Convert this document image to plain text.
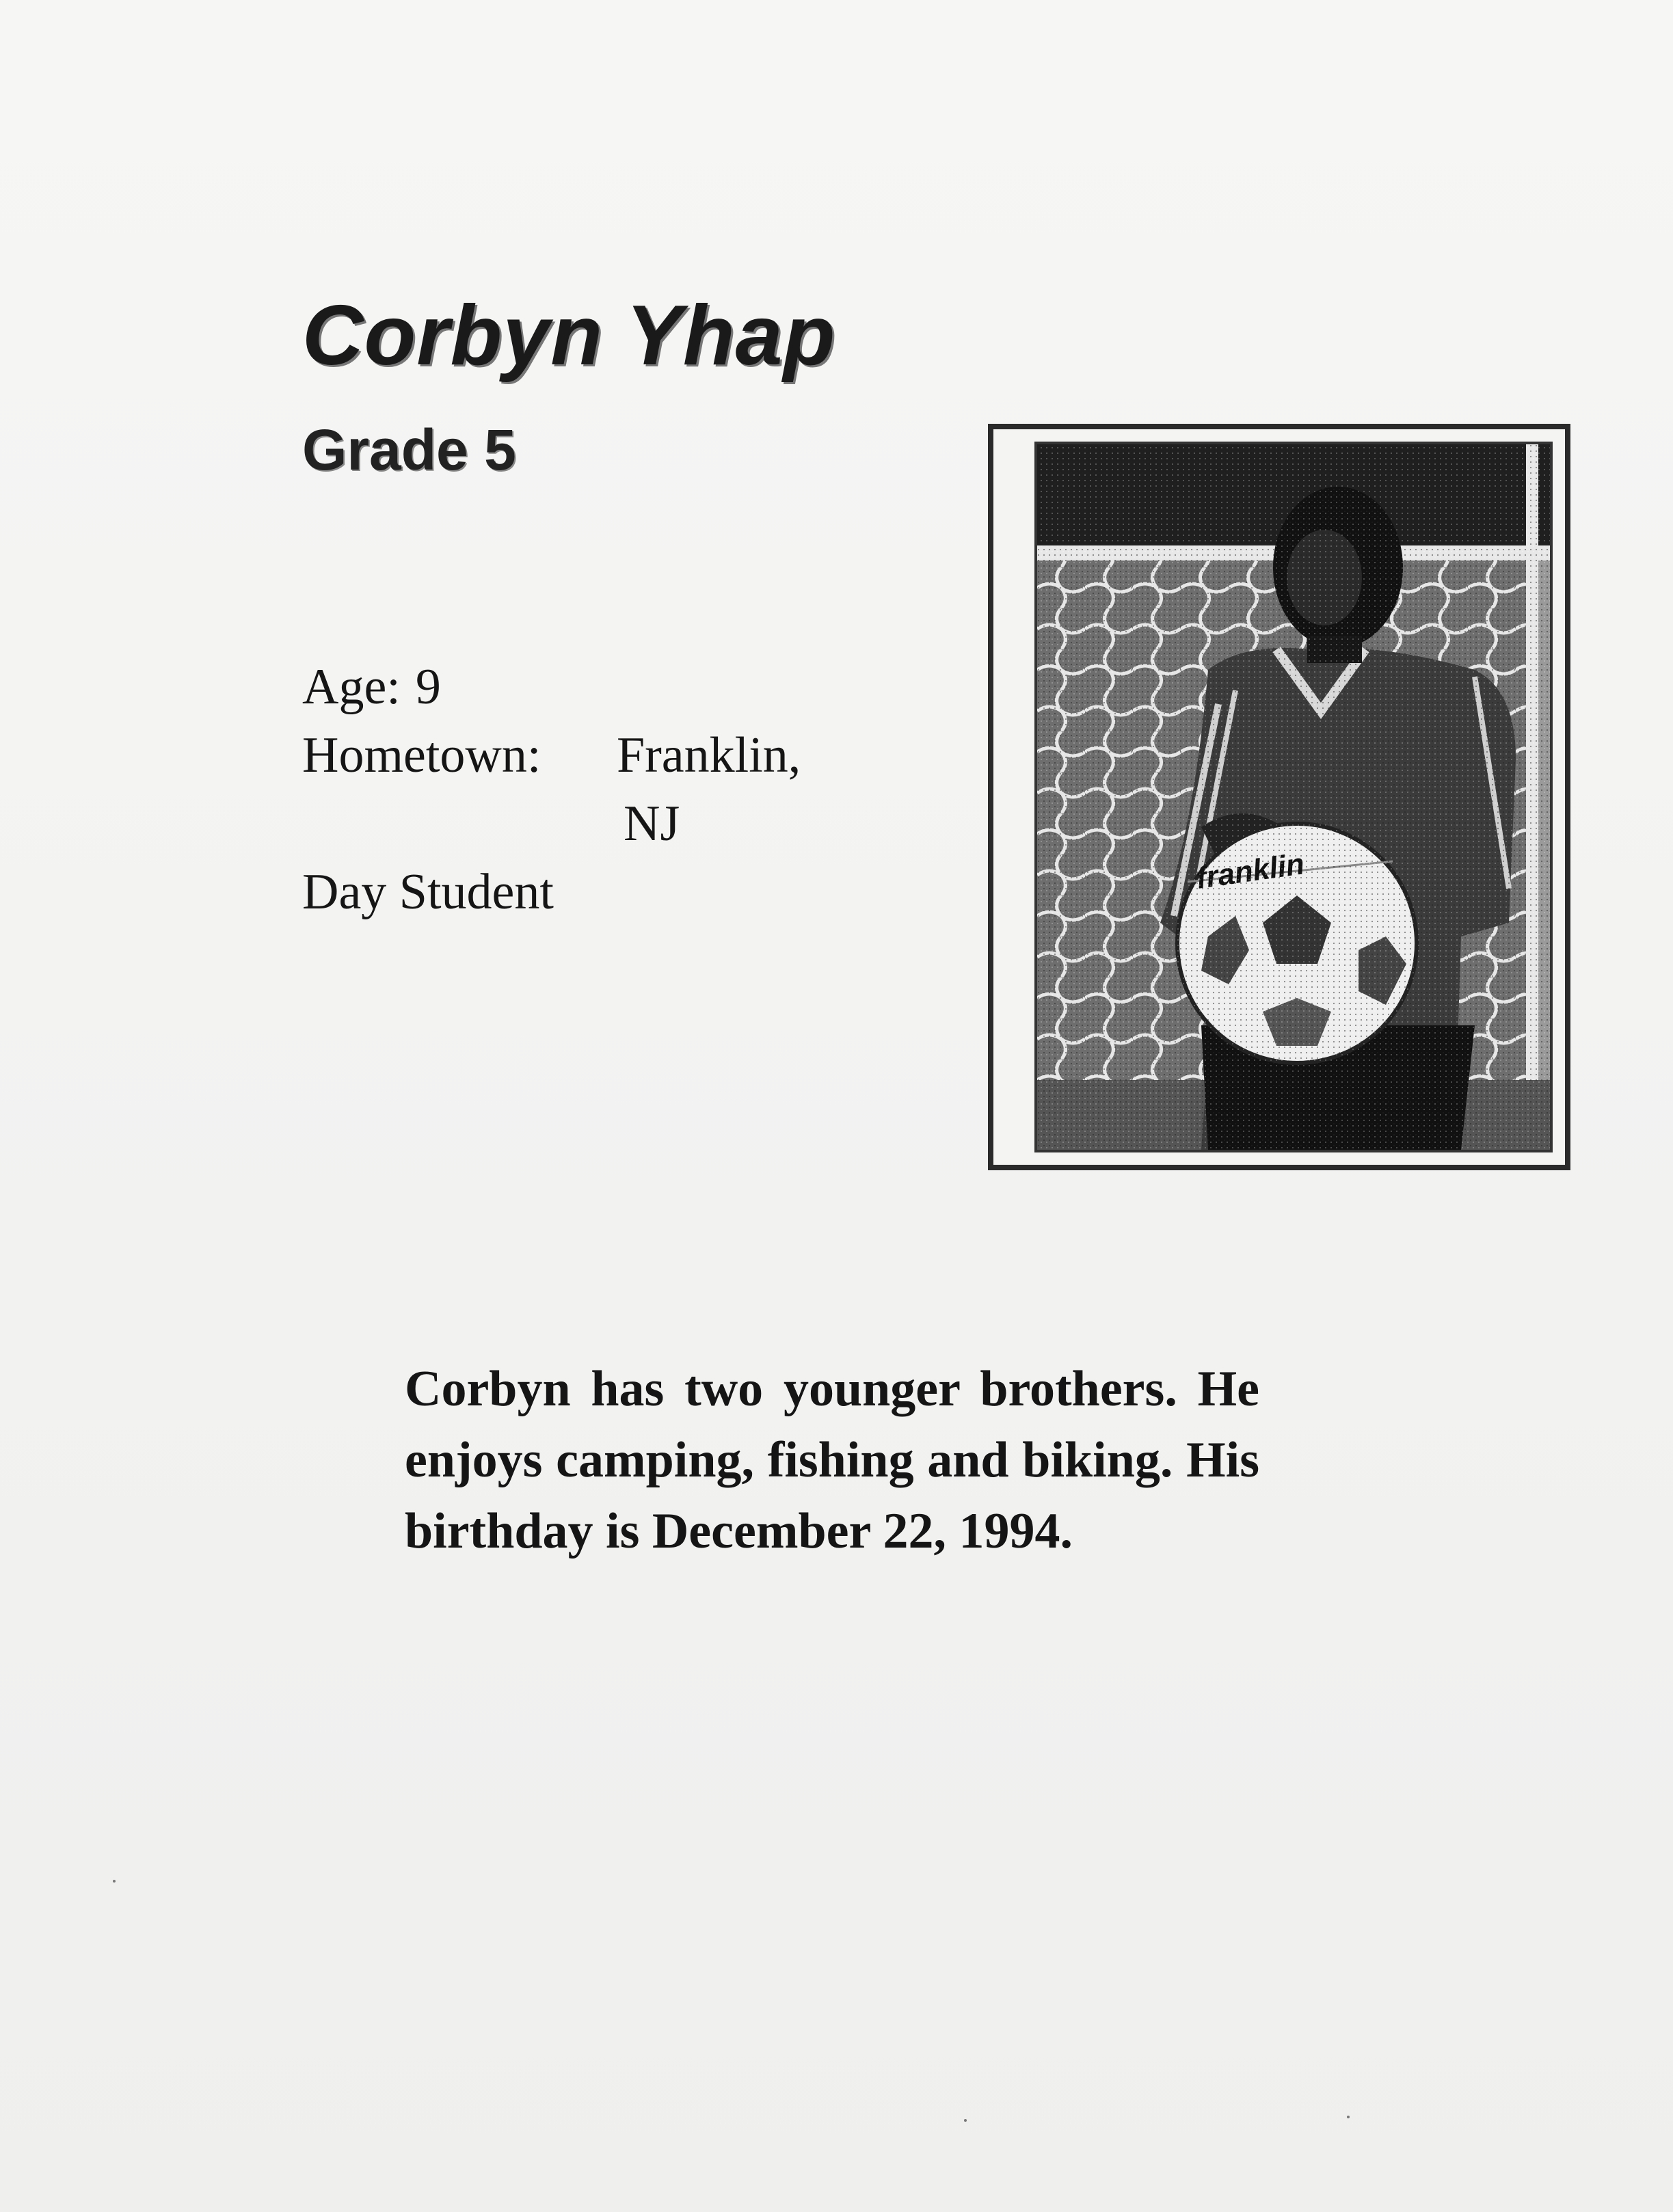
Corbyn Yhap
Grade 5
Age: 9
Hometown: Franklin,
NJ
Day Student
Corbyn has two younger brothers. He enjoys camping, fishing and biking. His birthday is December 22, 1994.
